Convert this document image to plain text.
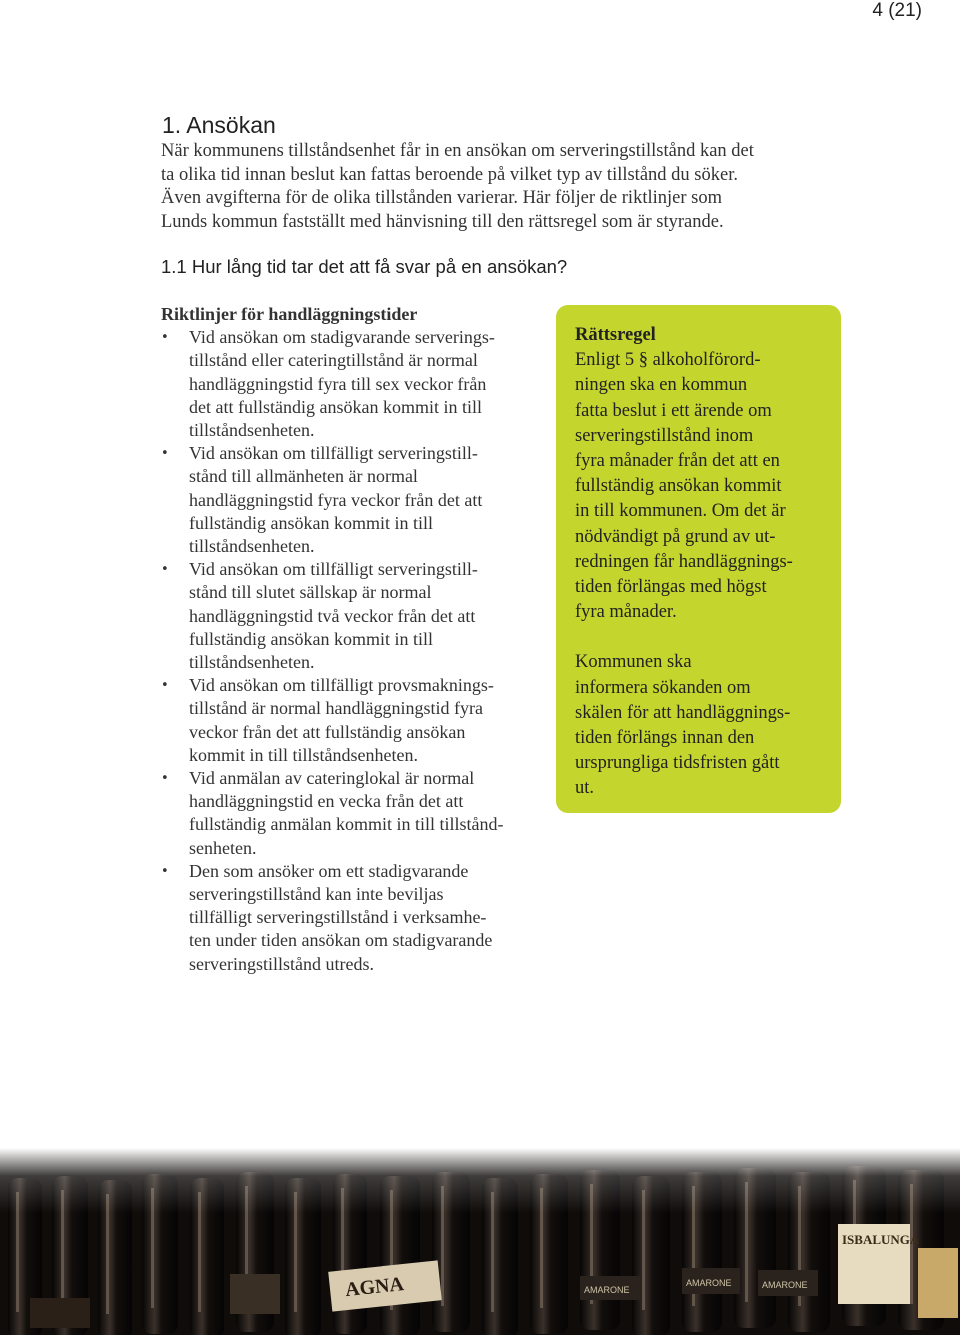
4 (21)
1. Ansökan
När kommunens tillståndsenhet får in en ansökan om serveringstillstånd kan det
ta olika tid innan beslut kan fattas beroende på vilket typ av tillstånd du söker.
Även avgifterna för de olika tillstånden varierar. Här följer de riktlinjer som
Lunds kommun fastställt med hänvisning till den rättsregel som är styrande.
1.1 Hur lång tid tar det att få svar på en ansökan?

Riktlinjer för handläggningstider

• Vid ansökan om stadigvarande serverings-
tillstånd eller cateringtillstånd är normal
handläggningstid fyra till sex veckor från
det att fullständig ansökan kommit in till
tillståndsenheten.
• Vid ansökan om tillfälligt serveringstill-
stånd till allmänheten är normal
handläggningstid fyra veckor från det att
fullständig ansökan kommit in till
tillståndsenheten.
• Vid ansökan om tillfälligt serveringstill-
stånd till slutet sällskap är normal
handläggningstid två veckor från det att
fullständig ansökan kommit in till
tillståndsenheten.
• Vid ansökan om tillfälligt provsmaknings-
tillstånd är normal handläggningstid fyra
veckor från det att fullständig ansökan
kommit in till tillståndsenheten.
• Vid anmälan av cateringlokal är normal
handläggningstid en vecka från det att
fullständig anmälan kommit in till tillstånd-
senheten.
• Den som ansöker om ett stadigvarande
serveringstillstånd kan inte beviljas
tillfälligt serveringstillstånd i verksamhe-
ten under tiden ansökan om stadigvarande
serveringstillstånd utreds.

Rättsregel

Enligt 5 § alkoholförord-
ningen ska en kommun
fatta beslut i ett ärende om
serveringstillstånd inom
fyra månader från det att en
fullständig ansökan kommit
in till kommunen. Om det är
nödvändigt på grund av ut-
redningen får handläggnings-
tiden förlängas med högst
fyra månader.
Kommunen ska
informera sökanden om
skälen för att handläggnings-
tiden förlängs innan den
ursprungliga tidsfristen gått
ut.
